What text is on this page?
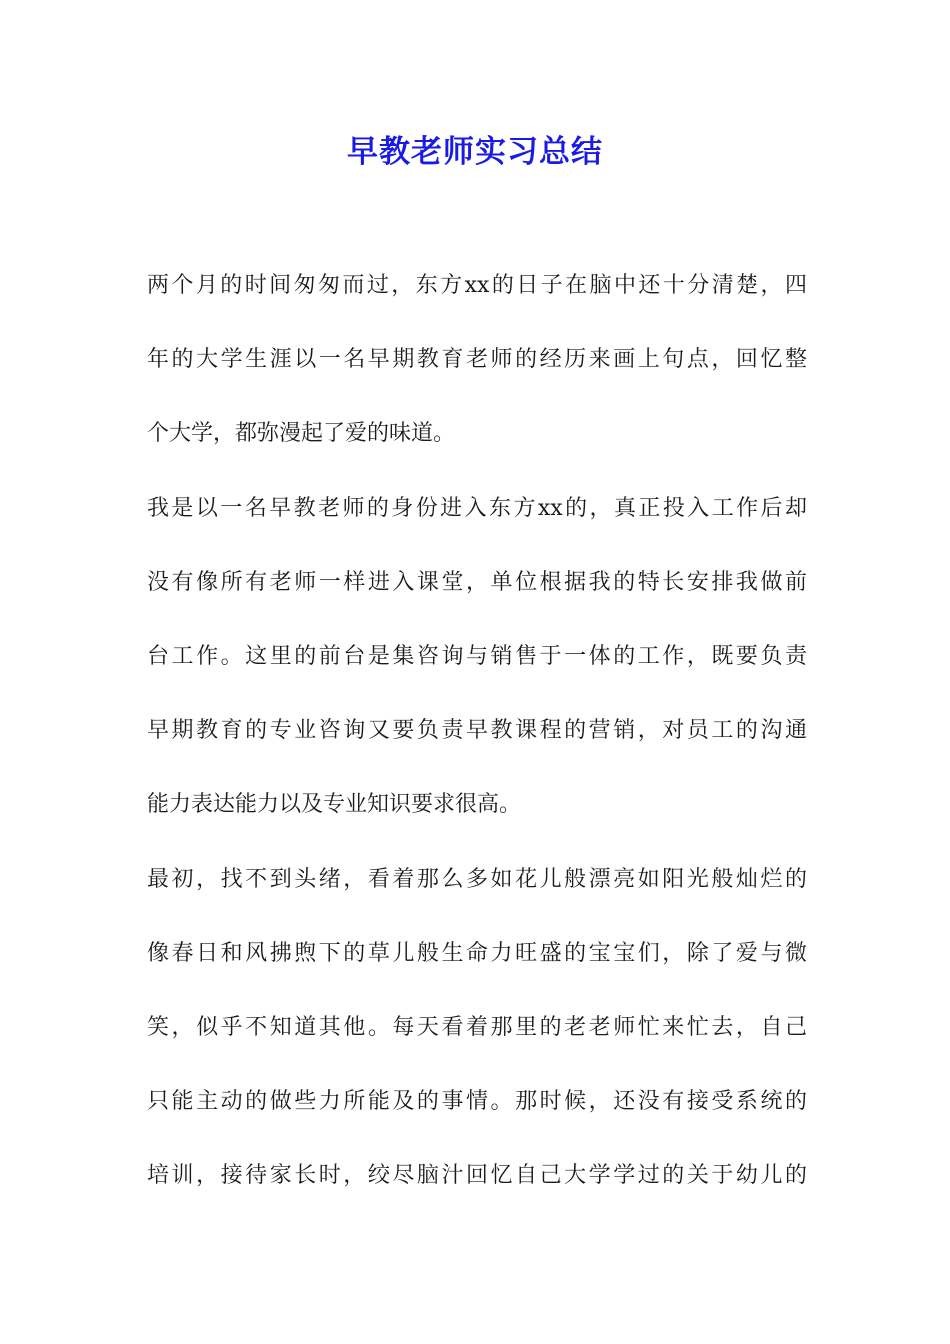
早教老师实习总结
两个月的时间匆匆而过，东方xx的日子在脑中还十分清楚，四
年的大学生涯以一名早期教育老师的经历来画上句点，回忆整
个大学，都弥漫起了爱的味道。
我是以一名早教老师的身份进入东方xx的，真正投入工作后却
没有像所有老师一样进入课堂，单位根据我的特长安排我做前
台工作。这里的前台是集咨询与销售于一体的工作，既要负责
早期教育的专业咨询又要负责早教课程的营销，对员工的沟通
能力表达能力以及专业知识要求很高。
最初，找不到头绪，看着那么多如花儿般漂亮如阳光般灿烂的
像春日和风拂煦下的草儿般生命力旺盛的宝宝们，除了爱与微
笑，似乎不知道其他。每天看着那里的老老师忙来忙去，自己
只能主动的做些力所能及的事情。那时候，还没有接受系统的
培训，接待家长时，绞尽脑汁回忆自己大学学过的关于幼儿的
